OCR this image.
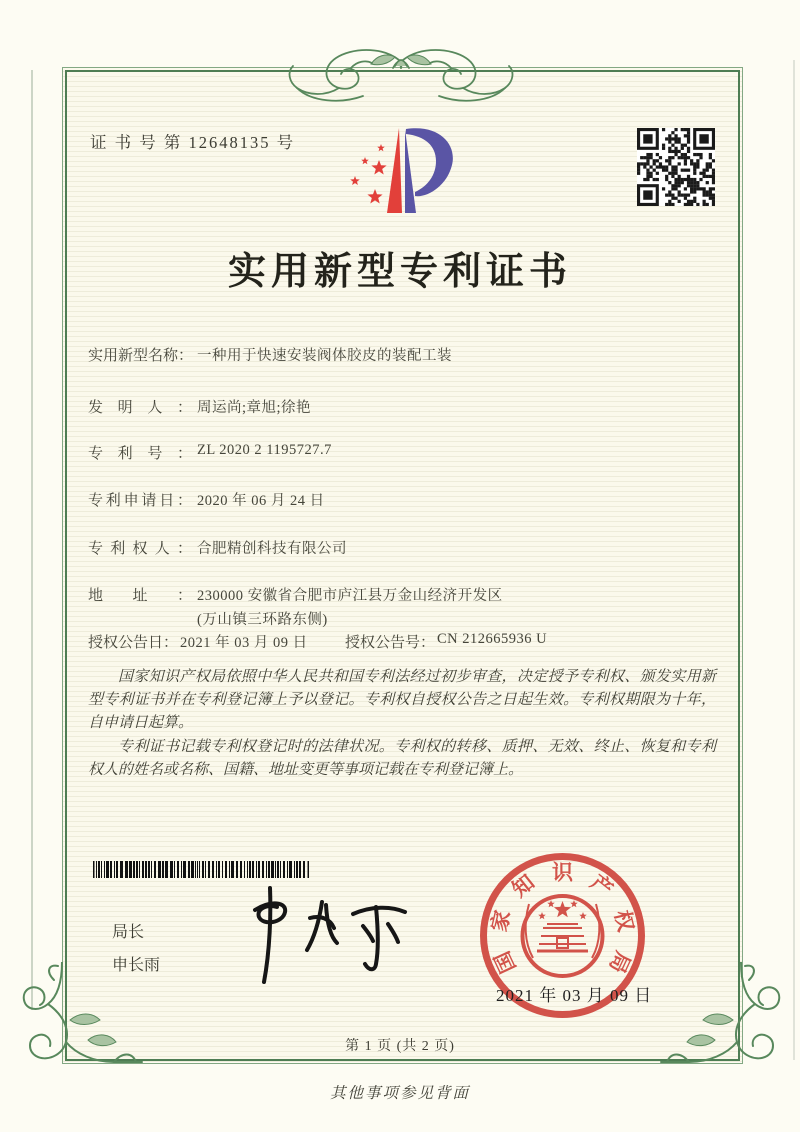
证 书 号 第 12648135 号
实用新型专利证书
实用新型名称： 一种用于快速安装阀体胶皮的装配工装
发明人： 周运尚;章旭;徐艳
专利号： ZL 2020 2 1195727.7
专利申请日： 2020 年 06 月 24 日
专利权人： 合肥精创科技有限公司
地址： 230000 安徽省合肥市庐江县万金山经济开发区(万山镇三环路东侧)
授权公告日： 2021 年 03 月 09 日 授权公告号： CN 212665936 U

国家知识产权局依照中华人民共和国专利法经过初步审查，决定授予专利权、颁发实用新型专利证书并在专利登记簿上予以登记。专利权自授权公告之日起生效。专利权期限为十年，自申请日起算。

专利证书记载专利权登记时的法律状况。专利权的转移、质押、无效、终止、恢复和专利权人的姓名或名称、国籍、地址变更等事项记载在专利登记簿上。

局长
申长雨	国
家
知 识 产
权
局
2021 年 03 月 09 日
第 1 页 (共 2 页)
其他事项参见背面
